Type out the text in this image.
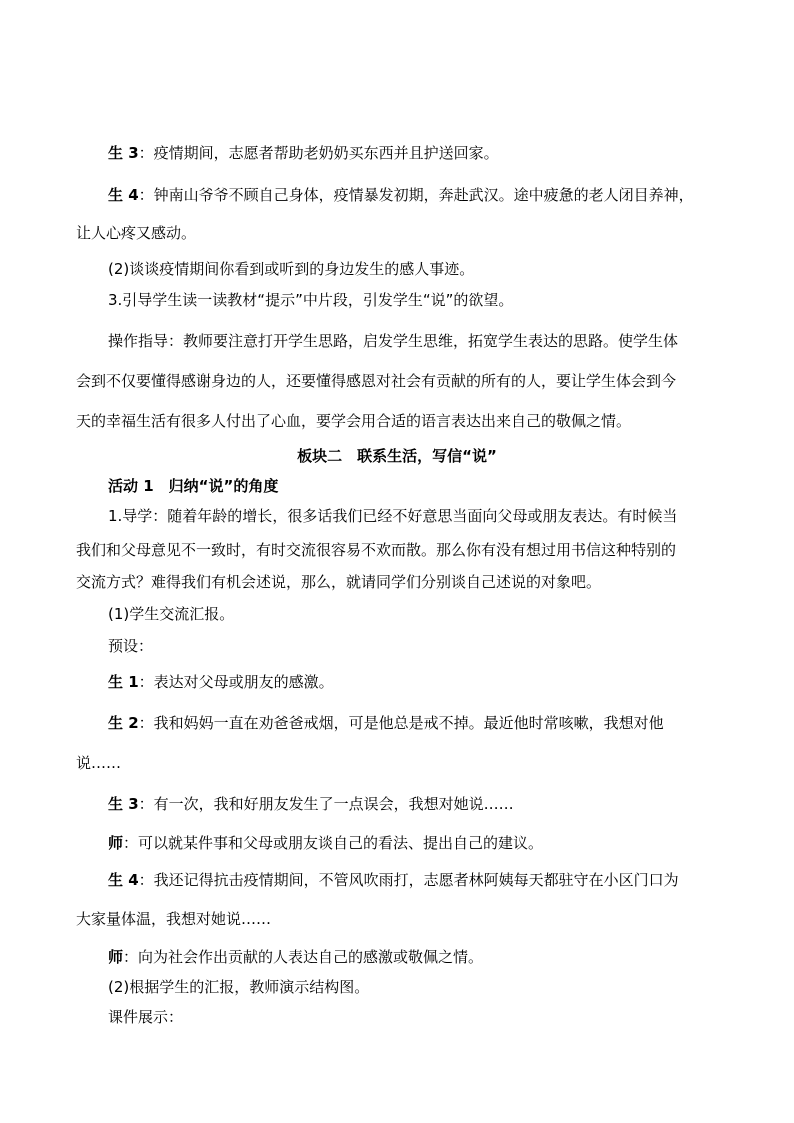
生 3：疫情期间，志愿者帮助老奶奶买东西并且护送回家。

生 4：钟南山爷爷不顾自己身体，疫情暴发初期，奔赴武汉。途中疲惫的老人闭目养神，

让人心疼又感动。

(2)谈谈疫情期间你看到或听到的身边发生的感人事迹。

3.引导学生读一读教材“提示”中片段，引发学生“说”的欲望。

操作指导：教师要注意打开学生思路，启发学生思维，拓宽学生表达的思路。使学生体

会到不仅要懂得感谢身边的人，还要懂得感恩对社会有贡献的所有的人，要让学生体会到今

天的幸福生活有很多人付出了心血，要学会用合适的语言表达出来自己的敬佩之情。

板块二　联系生活，写信“说”

活动 1　归纳“说”的角度

1.导学：随着年龄的增长，很多话我们已经不好意思当面向父母或朋友表达。有时候当

我们和父母意见不一致时，有时交流很容易不欢而散。那么你有没有想过用书信这种特别的

交流方式？难得我们有机会述说，那么，就请同学们分别谈自己述说的对象吧。

(1)学生交流汇报。

预设：

生 1：表达对父母或朋友的感激。

生 2：我和妈妈一直在劝爸爸戒烟，可是他总是戒不掉。最近他时常咳嗽，我想对他

说……

生 3：有一次，我和好朋友发生了一点误会，我想对她说……

师：可以就某件事和父母或朋友谈自己的看法、提出自己的建议。

生 4：我还记得抗击疫情期间，不管风吹雨打，志愿者林阿姨每天都驻守在小区门口为

大家量体温，我想对她说……

师：向为社会作出贡献的人表达自己的感激或敬佩之情。

(2)根据学生的汇报，教师演示结构图。

课件展示：
